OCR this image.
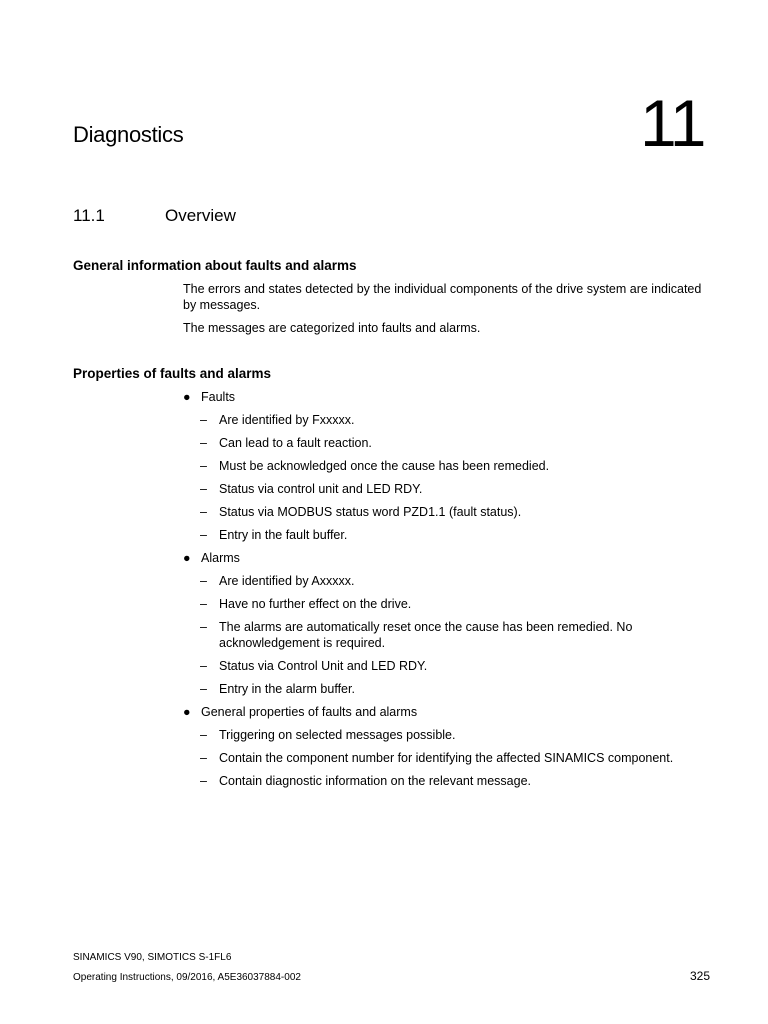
Diagnostics	11
11.1	Overview
General information about faults and alarms
The errors and states detected by the individual components of the drive system are indicated by messages.
The messages are categorized into faults and alarms.
Properties of faults and alarms
● Faults
– Are identified by Fxxxxx.
– Can lead to a fault reaction.
– Must be acknowledged once the cause has been remedied.
– Status via control unit and LED RDY.
– Status via MODBUS status word PZD1.1 (fault status).
– Entry in the fault buffer.
● Alarms
– Are identified by Axxxxx.
– Have no further effect on the drive.
– The alarms are automatically reset once the cause has been remedied. No acknowledgement is required.
– Status via Control Unit and LED RDY.
– Entry in the alarm buffer.
● General properties of faults and alarms
– Triggering on selected messages possible.
– Contain the component number for identifying the affected SINAMICS component.
– Contain diagnostic information on the relevant message.
SINAMICS V90, SIMOTICS S-1FL6
Operating Instructions, 09/2016, A5E36037884-002	325
